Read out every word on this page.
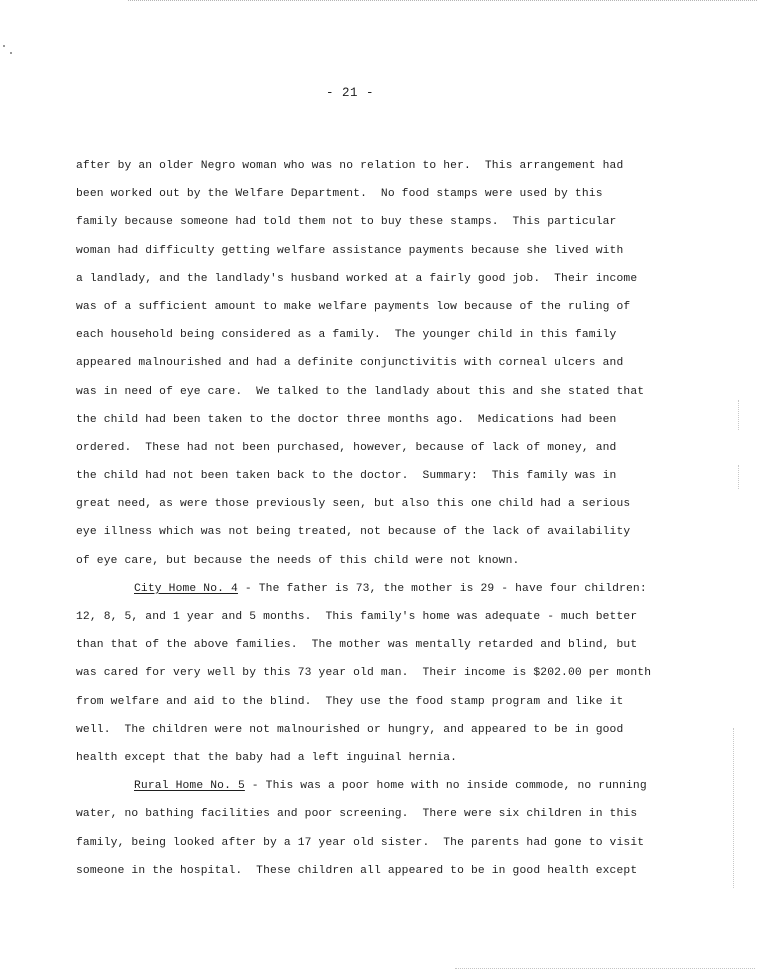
- 21 -
after by an older Negro woman who was no relation to her.  This arrangement had
been worked out by the Welfare Department.  No food stamps were used by this
family because someone had told them not to buy these stamps.  This particular
woman had difficulty getting welfare assistance payments because she lived with
a landlady, and the landlady's husband worked at a fairly good job.  Their income
was of a sufficient amount to make welfare payments low because of the ruling of
each household being considered as a family.  The younger child in this family
appeared malnourished and had a definite conjunctivitis with corneal ulcers and
was in need of eye care.  We talked to the landlady about this and she stated that
the child had been taken to the doctor three months ago.  Medications had been
ordered.  These had not been purchased, however, because of lack of money, and
the child had not been taken back to the doctor.  Summary:  This family was in
great need, as were those previously seen, but also this one child had a serious
eye illness which was not being treated, not because of the lack of availability
of eye care, but because the needs of this child were not known.
City Home No. 4 - The father is 73, the mother is 29 - have four children:
12, 8, 5, and 1 year and 5 months.  This family's home was adequate - much better
than that of the above families.  The mother was mentally retarded and blind, but
was cared for very well by this 73 year old man.  Their income is $202.00 per month
from welfare and aid to the blind.  They use the food stamp program and like it
well.  The children were not malnourished or hungry, and appeared to be in good
health except that the baby had a left inguinal hernia.
Rural Home No. 5 - This was a poor home with no inside commode, no running
water, no bathing facilities and poor screening.  There were six children in this
family, being looked after by a 17 year old sister.  The parents had gone to visit
someone in the hospital.  These children all appeared to be in good health except
